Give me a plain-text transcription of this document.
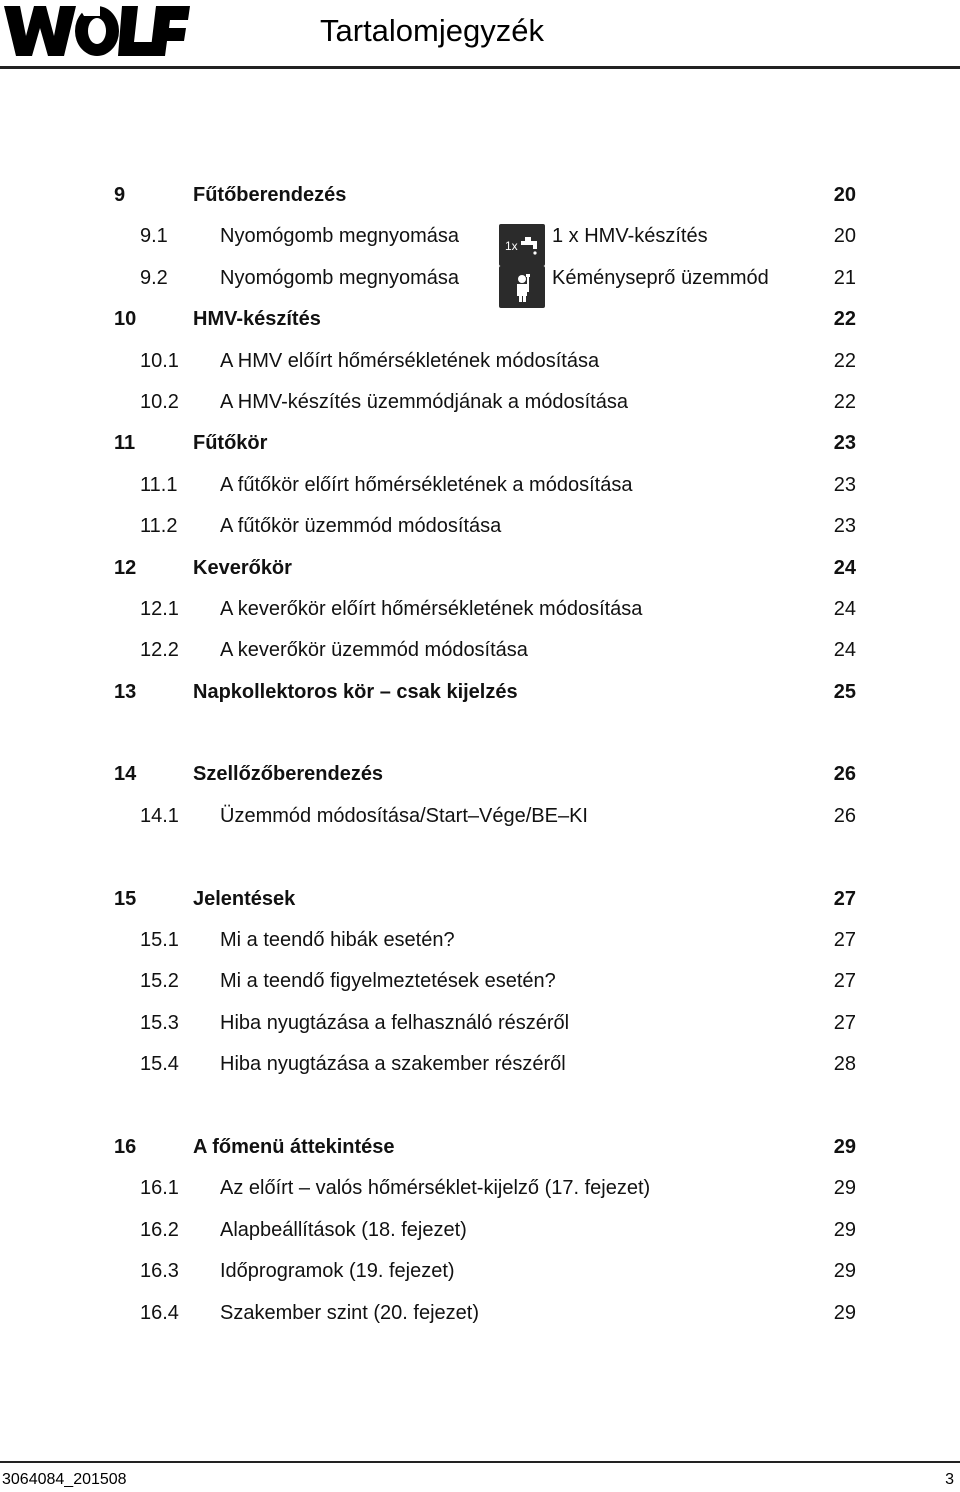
Tartalomjegyzék
9	Fűtőberendezés	20
9.1	Nyomógomb megnyomása	1x 1 x HMV-készítés	20
9.2	Nyomógomb megnyomása	Kéményseprő üzemmód	21
10	HMV-készítés	22
10.1 A HMV előírt hőmérsékletének módosítása	22
10.2 A HMV-készítés üzemmódjának a módosítása	22
11	Fűtőkör	23
11.1 A fűtőkör előírt hőmérsékletének a módosítása	23
11.2 A fűtőkör üzemmód módosítása	23
12	Keverőkör	24
12.1 A keverőkör előírt hőmérsékletének módosítása	24
12.2 A keverőkör üzemmód módosítása	24
13	Napkollektoros kör – csak kijelzés	25
14	Szellőzőberendezés	26
14.1 Üzemmód módosítása/Start–Vége/BE–KI	26
15	Jelentések	27
15.1 Mi a teendő hibák esetén?	27
15.2 Mi a teendő figyelmeztetések esetén?	27
15.3 Hiba nyugtázása a felhasználó részéről	27
15.4 Hiba nyugtázása a szakember részéről	28
16	A főmenü áttekintése	29
16.1 Az előírt – valós hőmérséklet-kijelző (17. fejezet)	29
16.2 Alapbeállítások (18. fejezet)	29
16.3 Időprogramok (19. fejezet)	29
16.4 Szakember szint (20. fejezet)	29
3064084_201508	3
